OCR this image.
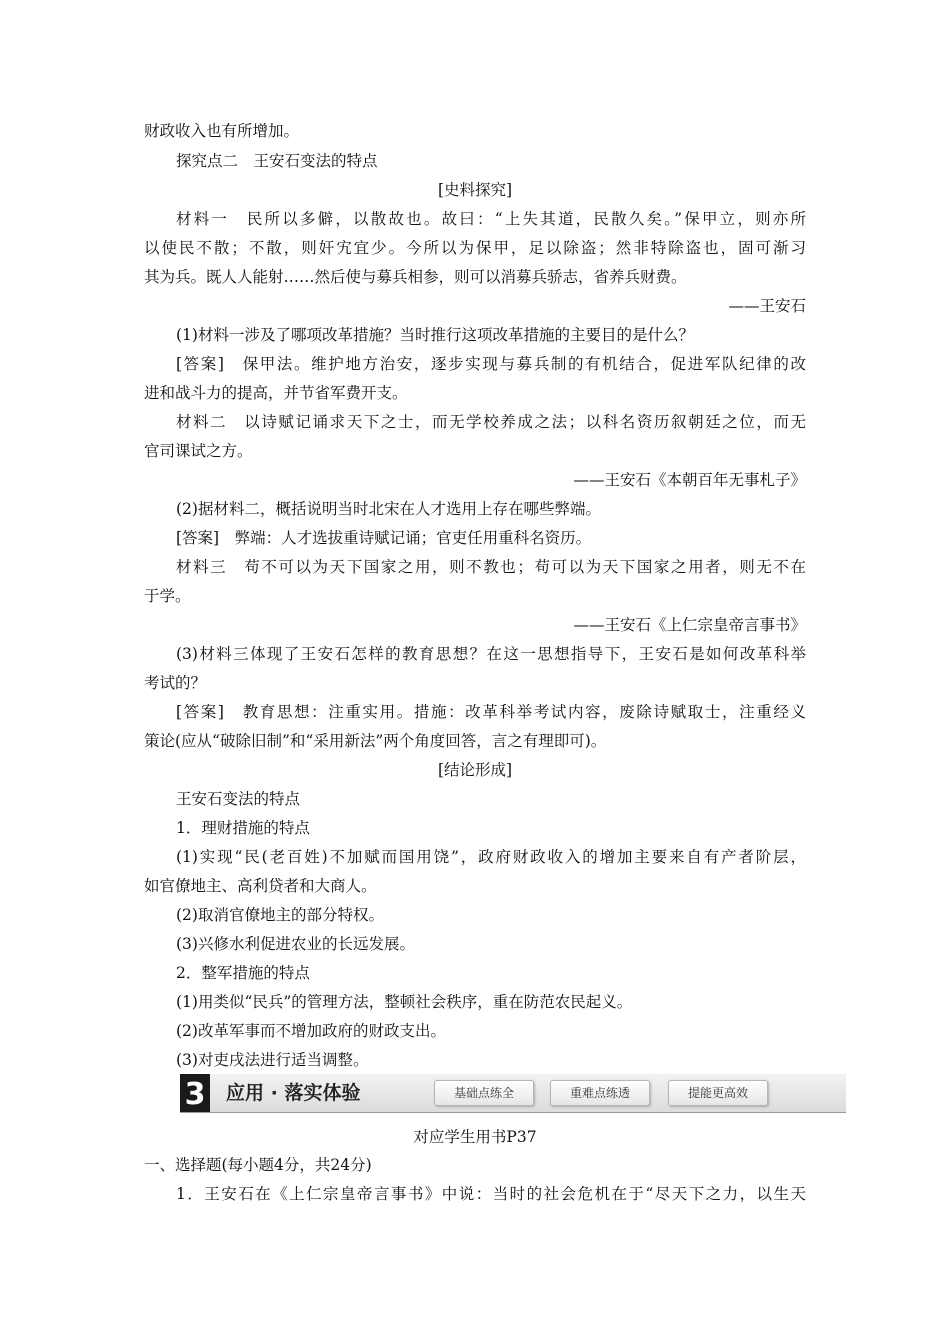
财政收入也有所增加。
探究点二　王安石变法的特点
[史料探究]
材料一　民所以多僻，以散故也。故曰：“上失其道，民散久矣。”保甲立，则亦所
以使民不散；不散，则奸宄宜少。今所以为保甲，足以除盗；然非特除盗也，固可渐习
其为兵。既人人能射……然后使与募兵相参，则可以消募兵骄志，省养兵财费。
——王安石
(1)材料一涉及了哪项改革措施？当时推行这项改革措施的主要目的是什么？
[答案]　保甲法。维护地方治安，逐步实现与募兵制的有机结合，促进军队纪律的改
进和战斗力的提高，并节省军费开支。
材料二　以诗赋记诵求天下之士，而无学校养成之法；以科名资历叙朝廷之位，而无
官司课试之方。
——王安石《本朝百年无事札子》
(2)据材料二，概括说明当时北宋在人才选用上存在哪些弊端。
[答案]　弊端：人才选拔重诗赋记诵；官吏任用重科名资历。
材料三　苟不可以为天下国家之用，则不教也；苟可以为天下国家之用者，则无不在
于学。
——王安石《上仁宗皇帝言事书》
(3)材料三体现了王安石怎样的教育思想？在这一思想指导下，王安石是如何改革科举
考试的？
[答案]　教育思想：注重实用。措施：改革科举考试内容，废除诗赋取士，注重经义
策论(应从“破除旧制”和“采用新法”两个角度回答，言之有理即可)。
[结论形成]
王安石变法的特点
1．理财措施的特点
(1)实现“民(老百姓)不加赋而国用饶”，政府财政收入的增加主要来自有产者阶层，
如官僚地主、高利贷者和大商人。
(2)取消官僚地主的部分特权。
(3)兴修水利促进农业的长远发展。
2．整军措施的特点
(1)用类似“民兵”的管理方法，整顿社会秩序，重在防范农民起义。
(2)改革军事而不增加政府的财政支出。
(3)对吏戌法进行适当调整。
3 应用 · 落实体验	基础点练全	重难点练透	提能更高效
对应学生用书P37
一、选择题(每小题4分，共24分)
1．王安石在《上仁宗皇帝言事书》中说：当时的社会危机在于“尽天下之力，以生天
